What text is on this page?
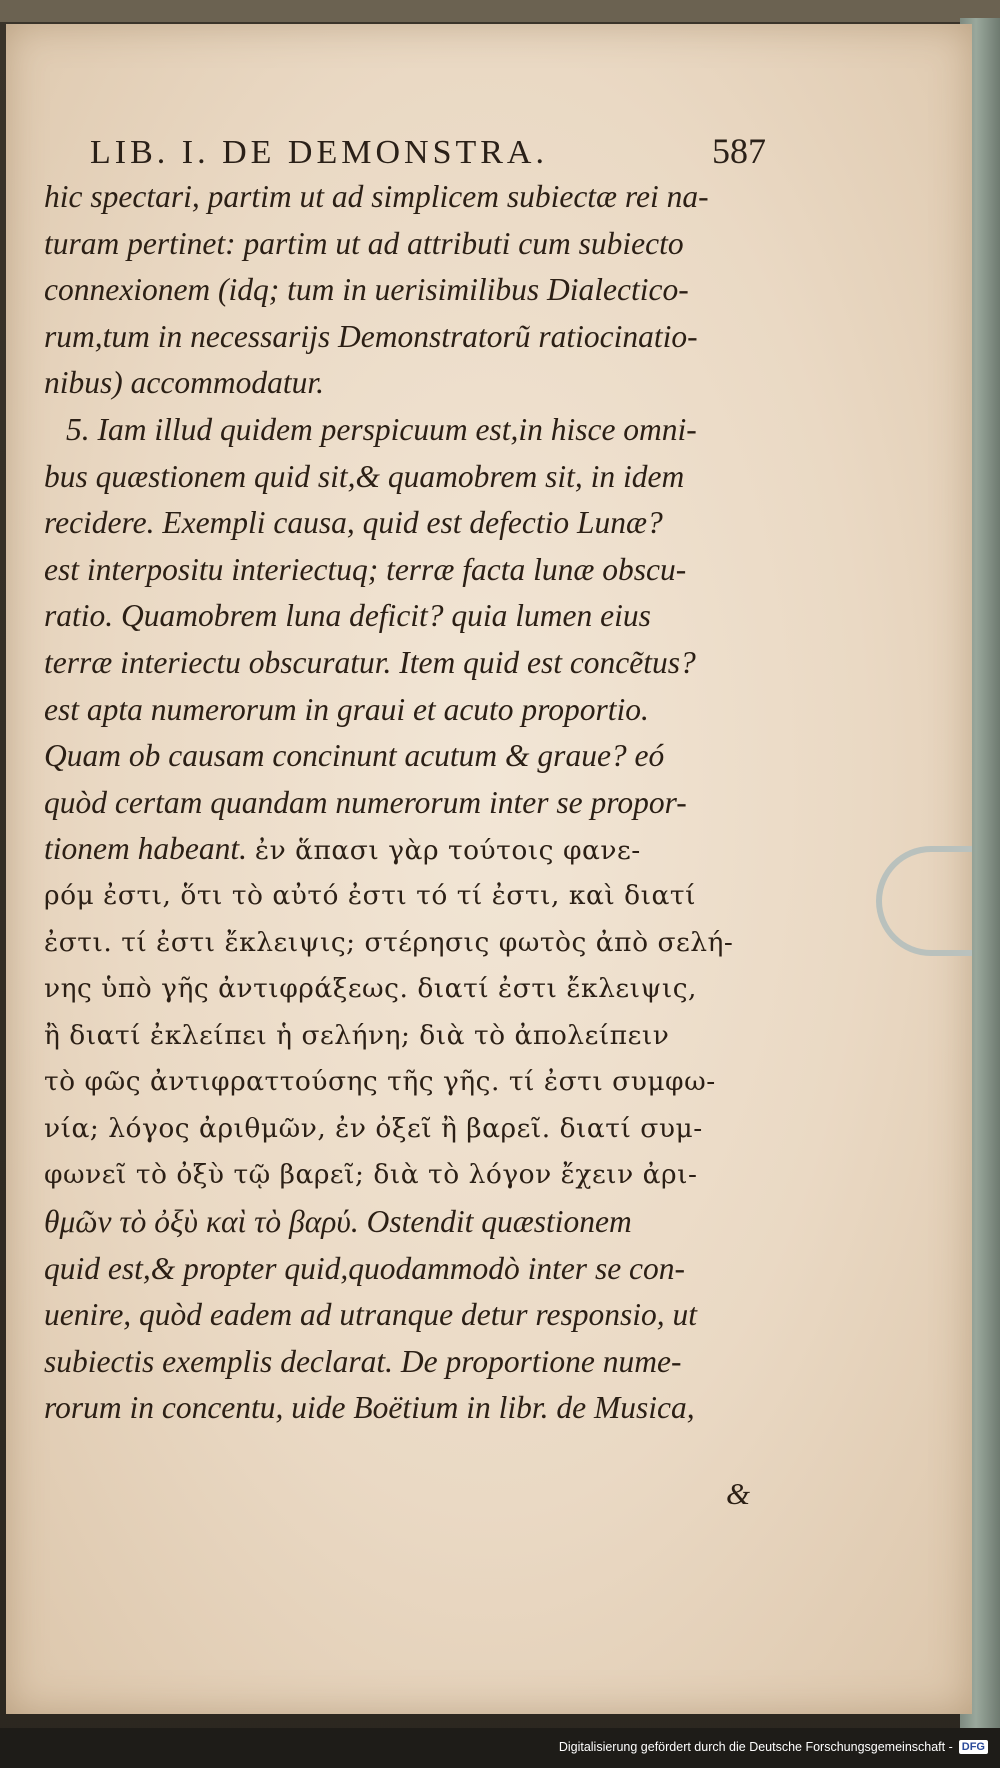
LIB. I. DE DEMONSTRA.	587
hic spectari, partim ut ad simplicem subiectæ rei na-
turam pertinet: partim ut ad attributi cum subiecto
connexionem (idq; tum in uerisimilibus Dialectico-
rum,tum in necessarijs Demonstratorũ ratiocinatio-
nibus) accommodatur.
5. Iam illud quidem perspicuum est,in hisce omni-
bus quæstionem quid sit,& quamobrem sit, in idem
recidere. Exempli causa, quid est defectio Lunæ?
est interpositu interiectuq; terræ facta lunæ obscu-
ratio. Quamobrem luna deficit? quia lumen eius
terræ interiectu obscuratur. Item quid est concẽtus?
est apta numerorum in graui et acuto proportio.
Quam ob causam concinunt acutum & graue? eó
quòd certam quandam numerorum inter se propor-
tionem habeant. ἐν ἅπασι γὰρ τούτοις φανε-
ρόμ ἐστι, ὅτι τὸ αὐτό ἐστι τό τί ἐστι, καὶ διατί
ἐστι. τί ἐστι ἔκλειψις; στέρησις φωτὸς ἀπὸ σελή-
νης ὑπὸ γῆς ἀντιφράξεως. διατί ἐστι ἔκλειψις,
ἢ διατί ἐκλείπει ἡ σελήνη; διὰ τὸ ἀπολείπειν
τὸ φῶς ἀντιφραττούσης τῆς γῆς. τί ἐστι συμφω-
νία; λόγος ἀριθμῶν, ἐν ὀξεῖ ἢ βαρεῖ. διατί συμ-
φωνεῖ τὸ ὀξὺ τῷ βαρεῖ; διὰ τὸ λόγον ἔχειν ἀρι-
θμῶν τὸ ὀξὺ καὶ τὸ βαρύ. Ostendit quæstionem
quid est,& propter quid,quodammodò inter se con-
uenire, quòd eadem ad utranque detur responsio, ut
subiectis exemplis declarat. De proportione nume-
rorum in concentu, uide Boëtium in libr. de Musica,
&
Digitalisierung gefördert durch die Deutsche Forschungsgemeinschaft - DFG
